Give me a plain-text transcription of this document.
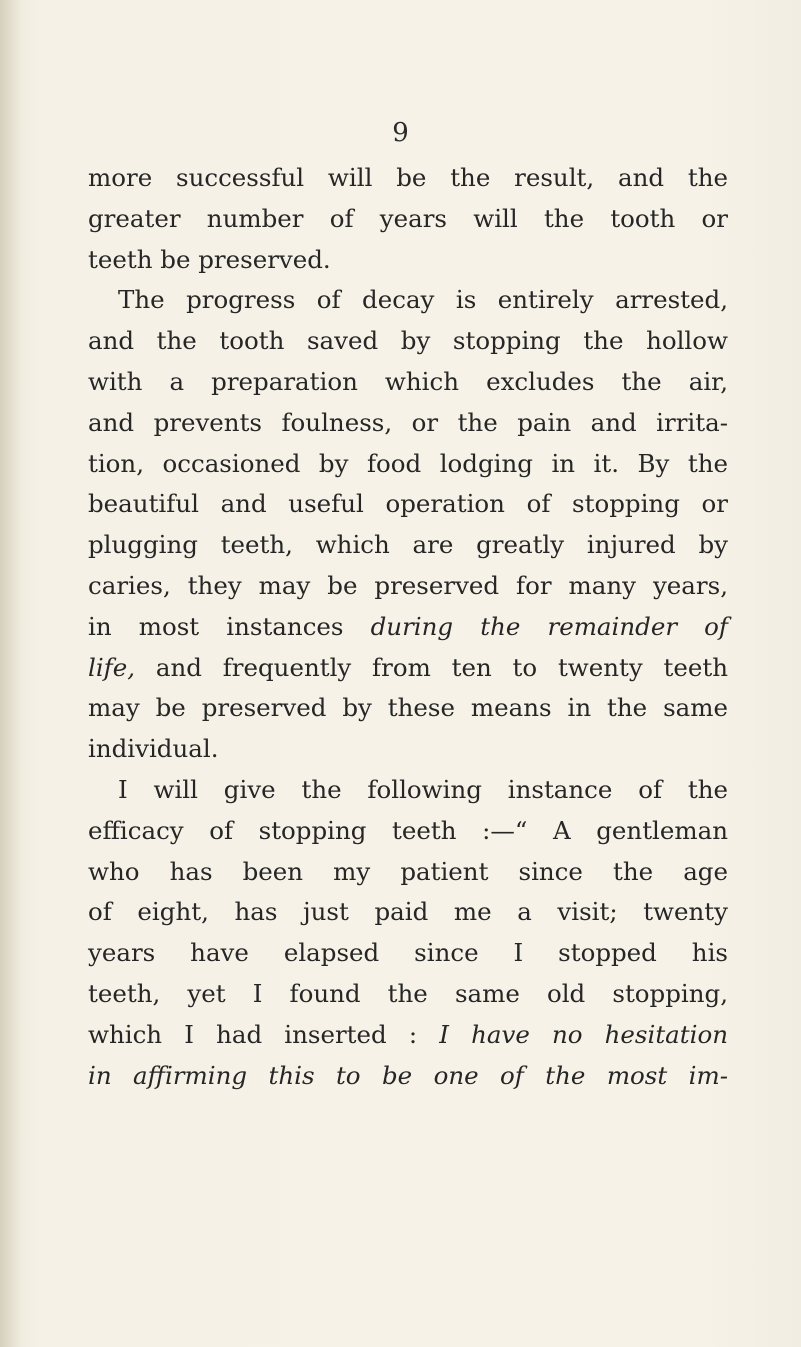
9
more successful will be the result, and the
greater number of years will the tooth or
teeth be preserved.
The progress of decay is entirely arrested,
and the tooth saved by stopping the hollow
with a preparation which excludes the air,
and prevents foulness, or the pain and irrita-
tion, occasioned by food lodging in it. By the
beautiful and useful operation of stopping or
plugging teeth, which are greatly injured by
caries, they may be preserved for many years,
in most instances during the remainder of
life, and frequently from ten to twenty teeth
may be preserved by these means in the same
individual.
I will give the following instance of the
efficacy of stopping teeth :—“ A gentleman
who has been my patient since the age
of eight, has just paid me a visit; twenty
years have elapsed since I stopped his
teeth, yet I found the same old stopping,
which I had inserted : I have no hesitation
in affirming this to be one of the most im-
